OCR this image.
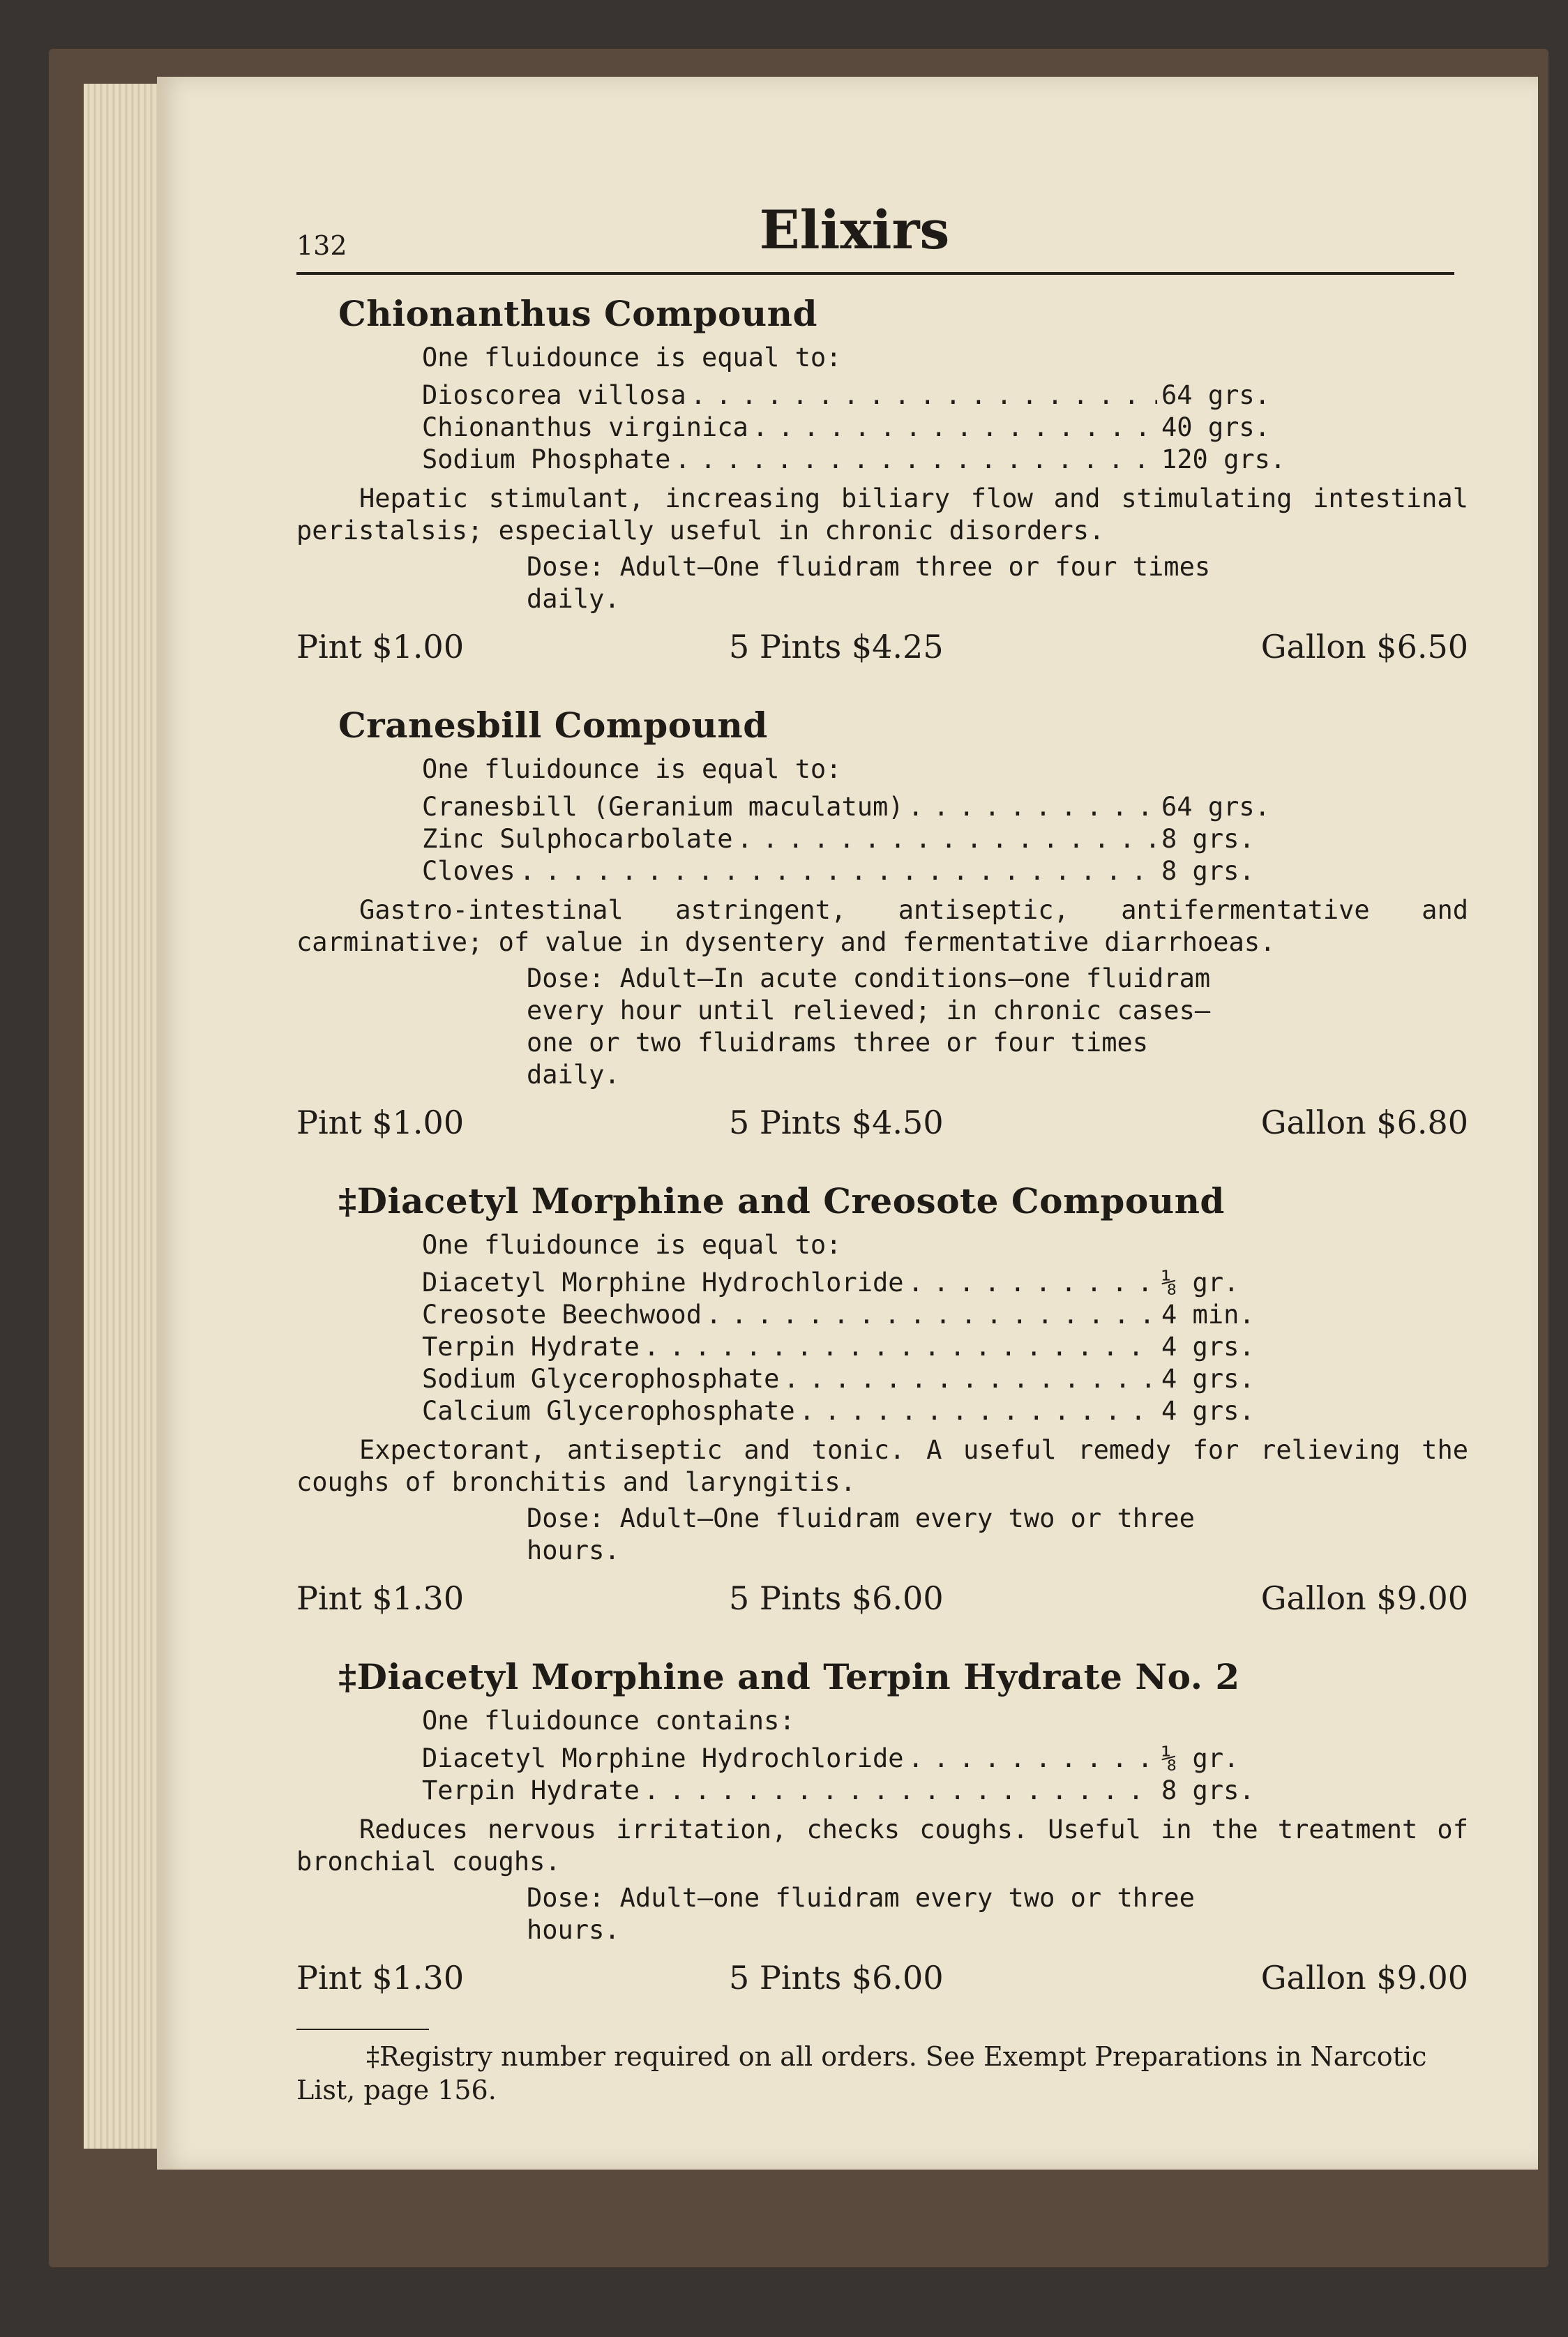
132	Elixirs
Chionanthus Compound
One fluidounce is equal to:
Dioscorea villosa . . .	64 grs.
Chionanthus virginica . . .	40 grs.
Sodium Phosphate . . .	120 grs.
Hepatic stimulant, increasing biliary flow and stimulating intestinal peristalsis; especially useful in chronic disorders.
Dose: Adult—One fluidram three or four times daily.
Pint $1.00	5 Pints $4.25	Gallon $6.50
Cranesbill Compound
One fluidounce is equal to:
Cranesbill (Geranium maculatum) . . .	64 grs.
Zinc Sulphocarbolate . . .	8 grs.
Cloves . . .	8 grs.
Gastro-intestinal astringent, antiseptic, antifermentative and carminative; of value in dysentery and fermentative diarrhoeas.
Dose: Adult—In acute conditions—one fluidram every hour until relieved; in chronic cases—one or two fluidrams three or four times daily.
Pint $1.00	5 Pints $4.50	Gallon $6.80
‡Diacetyl Morphine and Creosote Compound
One fluidounce is equal to:
Diacetyl Morphine Hydrochloride . . .	⅛ gr.
Creosote Beechwood . . .	4 min.
Terpin Hydrate . . .	4 grs.
Sodium Glycerophosphate . . .	4 grs.
Calcium Glycerophosphate . . .	4 grs.
Expectorant, antiseptic and tonic. A useful remedy for relieving the coughs of bronchitis and laryngitis.
Dose: Adult—One fluidram every two or three hours.
Pint $1.30	5 Pints $6.00	Gallon $9.00
‡Diacetyl Morphine and Terpin Hydrate No. 2
One fluidounce contains:
Diacetyl Morphine Hydrochloride . . .	⅛ gr.
Terpin Hydrate . . .	8 grs.
Reduces nervous irritation, checks coughs. Useful in the treatment of bronchial coughs.
Dose: Adult—one fluidram every two or three hours.
Pint $1.30	5 Pints $6.00	Gallon $9.00
‡Registry number required on all orders. See Exempt Preparations in Narcotic List, page 156.
